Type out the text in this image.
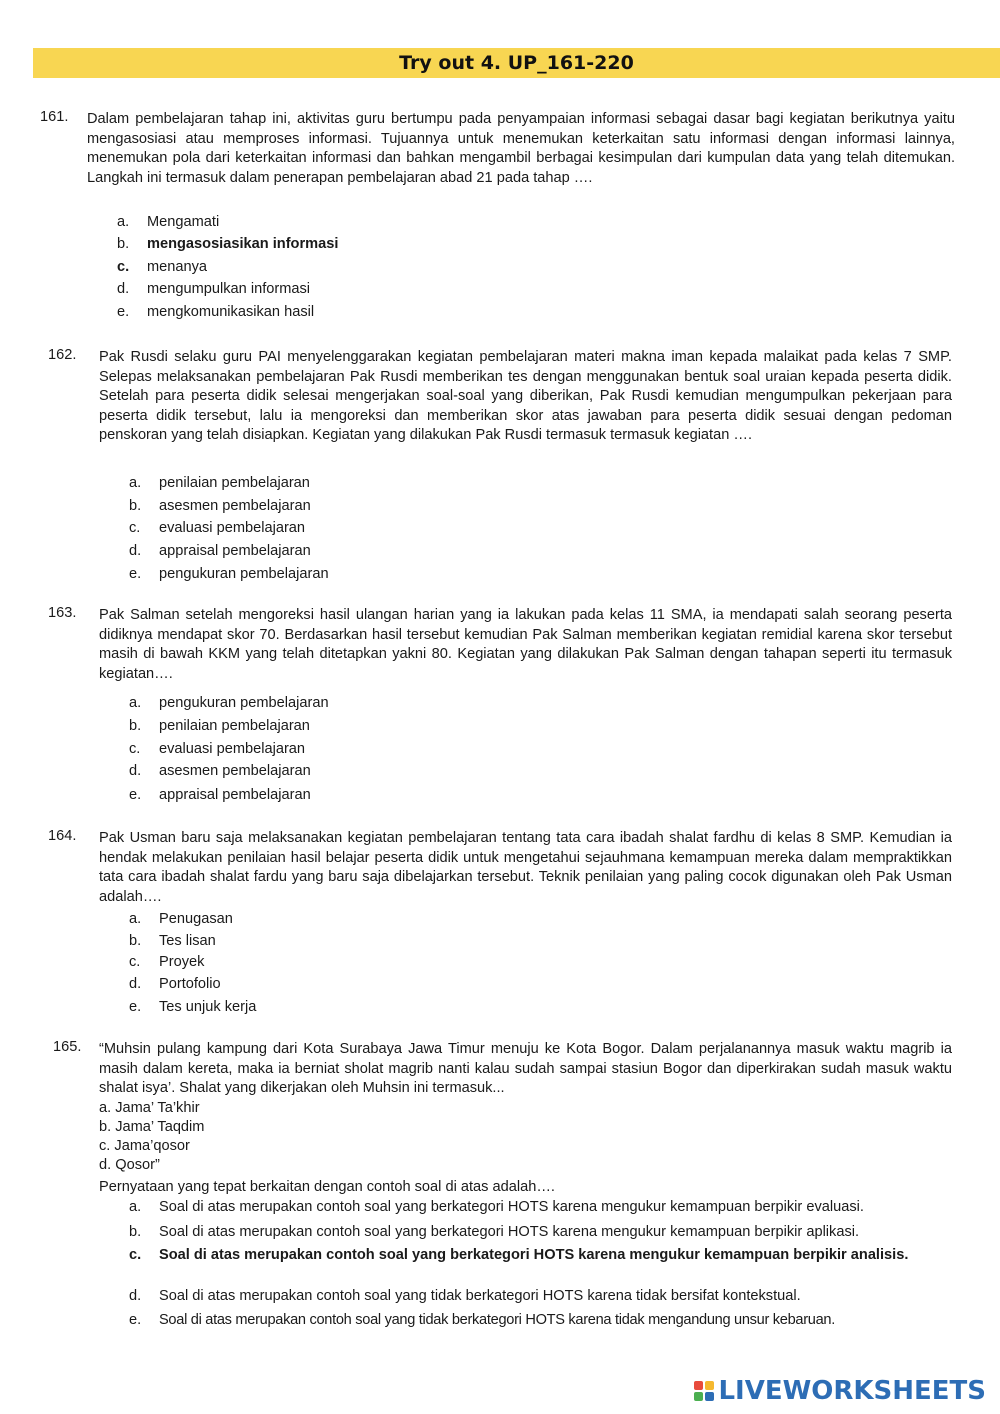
Try out 4. UP_161-220
161. Dalam pembelajaran tahap ini, aktivitas guru bertumpu pada penyampaian informasi sebagai dasar bagi kegiatan berikutnya yaitu mengasosiasi atau memproses informasi. Tujuannya untuk menemukan keterkaitan satu informasi dengan informasi lainnya, menemukan pola dari keterkaitan informasi dan bahkan mengambil berbagai kesimpulan dari kumpulan data yang telah ditemukan. Langkah ini termasuk dalam penerapan pembelajaran abad 21 pada tahap ….
a. Mengamati
b. mengasosiasikan informasi
c. menanya
d. mengumpulkan informasi
e. mengkomunikasikan hasil
162. Pak Rusdi selaku guru PAI menyelenggarakan kegiatan pembelajaran materi makna iman kepada malaikat pada kelas 7 SMP. Selepas melaksanakan pembelajaran Pak Rusdi memberikan tes dengan menggunakan bentuk soal uraian kepada peserta didik. Setelah para peserta didik selesai mengerjakan soal-soal yang diberikan, Pak Rusdi kemudian mengumpulkan pekerjaan para peserta didik tersebut, lalu ia mengoreksi dan memberikan skor atas jawaban para peserta didik sesuai dengan pedoman penskoran yang telah disiapkan. Kegiatan yang dilakukan Pak Rusdi termasuk termasuk kegiatan ….
a. penilaian pembelajaran
b. asesmen pembelajaran
c. evaluasi pembelajaran
d. appraisal pembelajaran
e. pengukuran pembelajaran
163. Pak Salman setelah mengoreksi hasil ulangan harian yang ia lakukan pada kelas 11 SMA, ia mendapati salah seorang peserta didiknya mendapat skor 70. Berdasarkan hasil tersebut kemudian Pak Salman memberikan kegiatan remidial karena skor tersebut masih di bawah KKM yang telah ditetapkan yakni 80. Kegiatan yang dilakukan Pak Salman dengan tahapan seperti itu termasuk kegiatan….
a. pengukuran pembelajaran
b. penilaian pembelajaran
c. evaluasi pembelajaran
d. asesmen pembelajaran
e. appraisal pembelajaran
164. Pak Usman baru saja melaksanakan kegiatan pembelajaran tentang tata cara ibadah shalat fardhu di kelas 8 SMP. Kemudian ia hendak melakukan penilaian hasil belajar peserta didik untuk mengetahui sejauhmana kemampuan mereka dalam mempraktikkan tata cara ibadah shalat fardu yang baru saja dibelajarkan tersebut. Teknik penilaian yang paling cocok digunakan oleh Pak Usman adalah….
a. Penugasan
b. Tes lisan
c. Proyek
d. Portofolio
e. Tes unjuk kerja
165. “Muhsin pulang kampung dari Kota Surabaya Jawa Timur menuju ke Kota Bogor. Dalam perjalanannya masuk waktu magrib ia masih dalam kereta, maka ia berniat sholat magrib nanti kalau sudah sampai stasiun Bogor dan diperkirakan sudah masuk waktu shalat isya’. Shalat yang dikerjakan oleh Muhsin ini termasuk...
a. Jama’ Ta’khir
b. Jama’ Taqdim
c. Jama’qosor
d. Qosor”
Pernyataan yang tepat berkaitan dengan contoh soal di atas adalah….
a. Soal di atas merupakan contoh soal yang berkategori HOTS karena mengukur kemampuan berpikir evaluasi.
b. Soal di atas merupakan contoh soal yang berkategori HOTS karena mengukur kemampuan berpikir aplikasi.
c. Soal di atas merupakan contoh soal yang berkategori HOTS karena mengukur kemampuan berpikir analisis.
d. Soal di atas merupakan contoh soal yang tidak berkategori HOTS karena tidak bersifat kontekstual.
e. Soal di atas merupakan contoh soal yang tidak berkategori HOTS karena tidak mengandung unsur kebaruan.
LIVEWORKSHEETS
